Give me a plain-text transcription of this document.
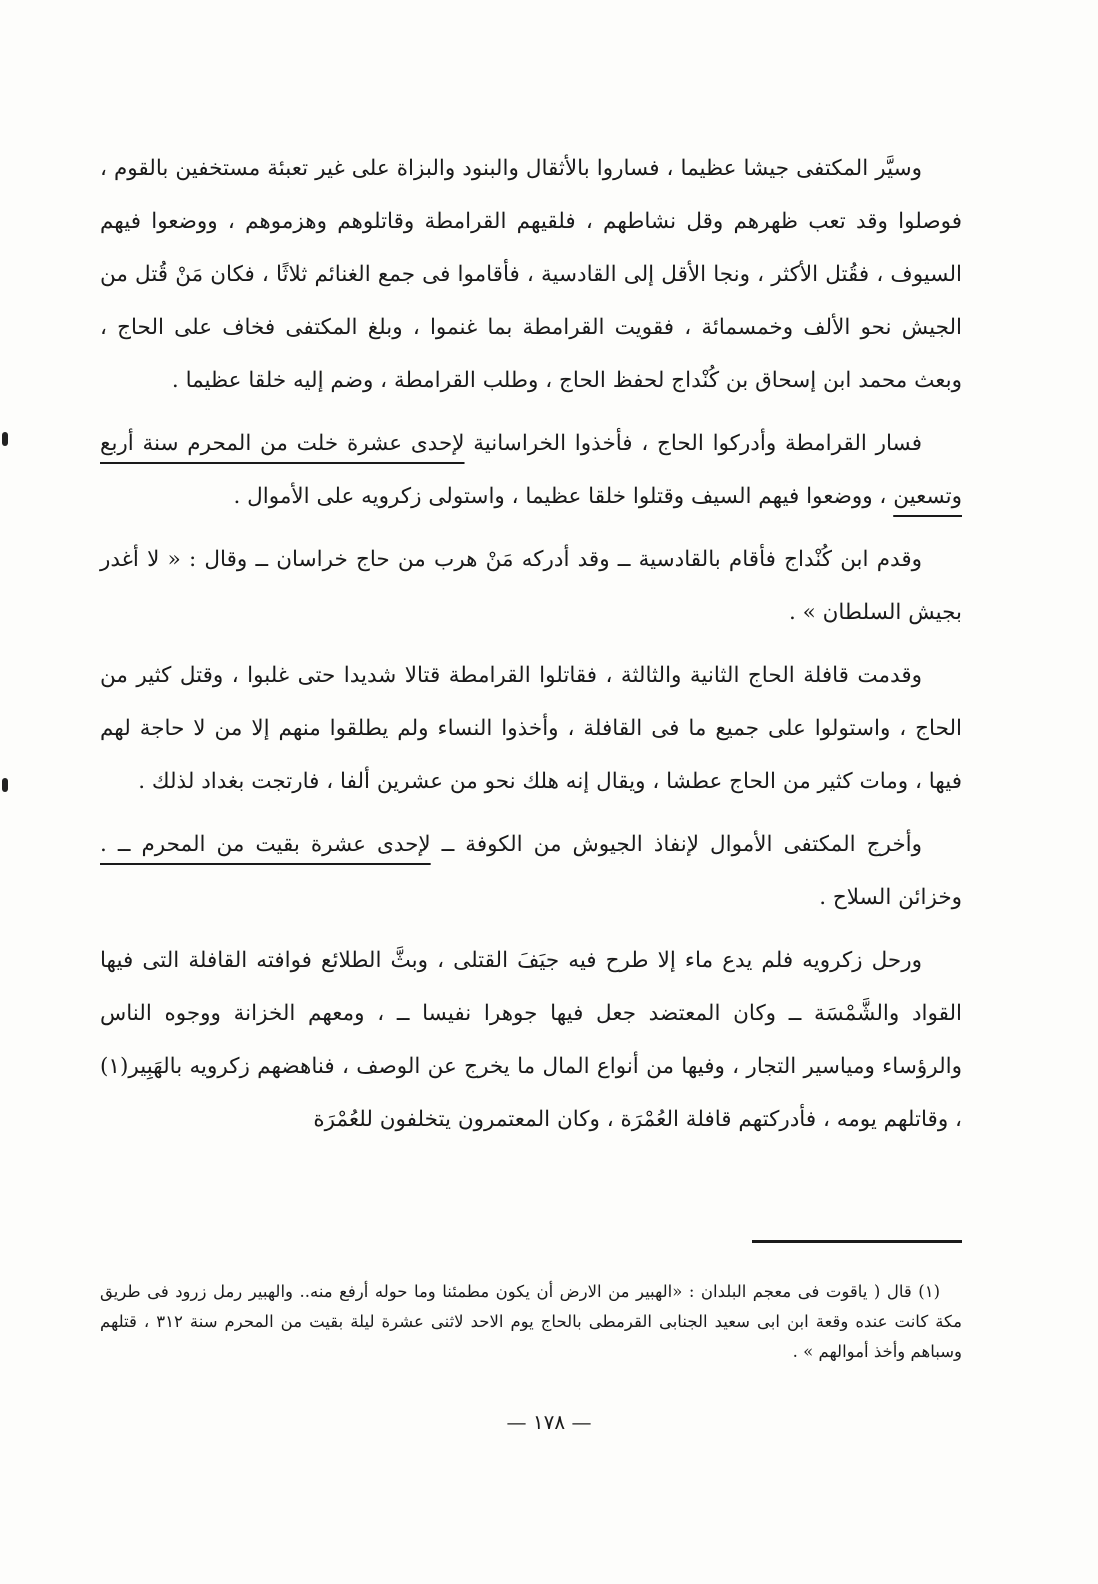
وسيَّر المكتفى جيشا عظيما ، فساروا بالأثقال والبنود والبزاة على غير تعبئة مستخفين بالقوم ، فوصلوا وقد تعب ظهرهم وقل نشاطهم ، فلقيهم القرامطة وقاتلوهم وهزموهم ، ووضعوا فيهم السيوف ، فقُتل الأكثر ، ونجا الأقل إلى القادسية ، فأقاموا فى جمع الغنائم ثلاثًا ، فكان مَنْ قُتل من الجيش نحو الألف وخمسمائة ، فقويت القرامطة بما غنموا ، وبلغ المكتفى فخاف على الحاج ، وبعث محمد ابن إسحاق بن كُنْداج لحفظ الحاج ، وطلب القرامطة ، وضم إليه خلقا عظيما .

فسار القرامطة وأدركوا الحاج ، فأخذوا الخراسانية لإحدى عشرة خلت من المحرم سنة أربع وتسعين ، ووضعوا فيهم السيف وقتلوا خلقا عظيما ، واستولى زكرويه على الأموال .

وقدم ابن كُنْداج فأقام بالقادسية ــ وقد أدركه مَنْ هرب من حاج خراسان ــ وقال : « لا أغدر بجيش السلطان » .

وقدمت قافلة الحاج الثانية والثالثة ، فقاتلوا القرامطة قتالا شديدا حتى غلبوا ، وقتل كثير من الحاج ، واستولوا على جميع ما فى القافلة ، وأخذوا النساء ولم يطلقوا منهم إلا من لا حاجة لهم فيها ، ومات كثير من الحاج عطشا ، ويقال إنه هلك نحو من عشرين ألفا ، فارتجت بغداد لذلك .

وأخرج المكتفى الأموال لإنفاذ الجيوش من الكوفة ــ لإحدى عشرة بقيت من المحرم ــ . وخزائن السلاح .

ورحل زكرويه فلم يدع ماء إلا طرح فيه جيَفَ القتلى ، وبثَّ الطلائع فوافته القافلة التى فيها القواد والشَّمْسَة ــ وكان المعتضد جعل فيها جوهرا نفيسا ــ ، ومعهم الخزانة ووجوه الناس والرؤساء ومياسير التجار ، وفيها من أنواع المال ما يخرج عن الوصف ، فناهضهم زكرويه بالهَبِير(١) ، وقاتلهم يومه ، فأدركتهم قافلة العُمْرَة ، وكان المعتمرون يتخلفون للعُمْرَة

(١) قال ( ياقوت فى معجم البلدان : «الهبير من الارض أن يكون مطمئنا وما حوله أرفع منه.. والهبير رمل زرود فى طريق مكة كانت عنده وقعة ابن ابى سعيد الجنابى القرمطى بالحاج يوم الاحد لاثنى عشرة ليلة بقيت من المحرم سنة ٣١٢ ، قتلهم وسباهم وأخذ أموالهم » .

— ١٧٨ —
